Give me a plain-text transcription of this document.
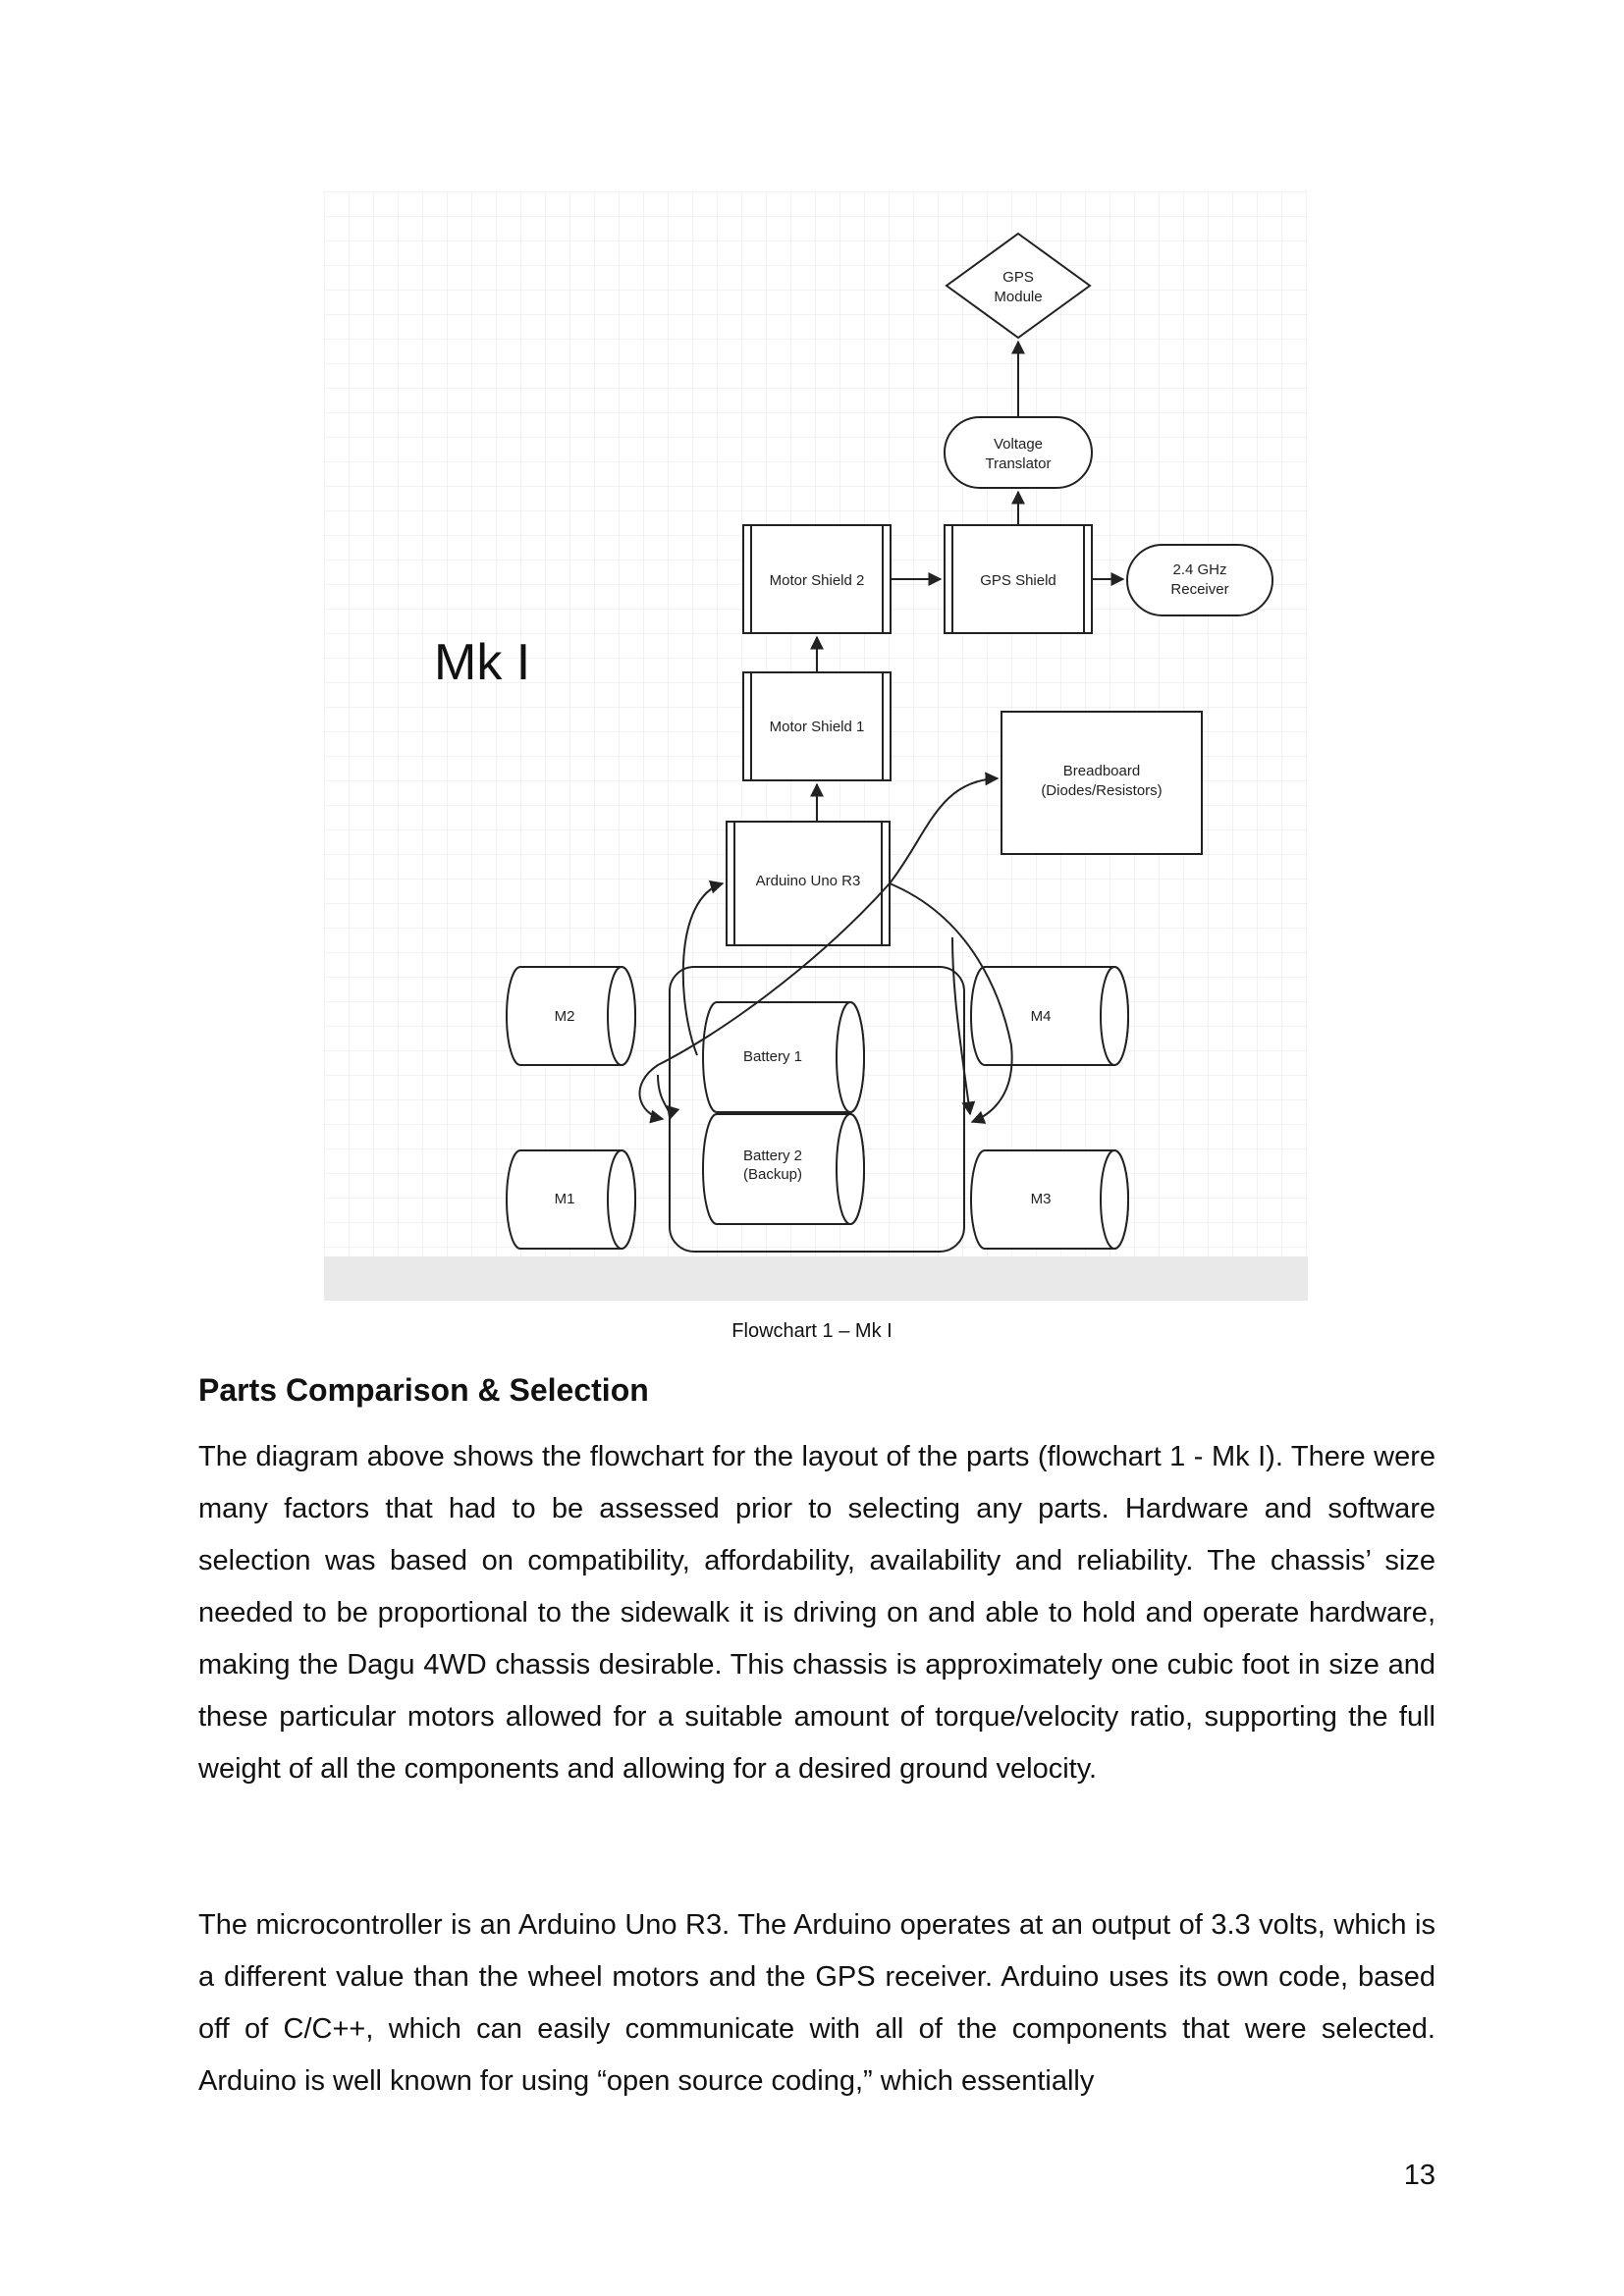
Mk I
GPS
Module
Voltage
Translator
Motor Shield 2	GPS Shield
2.4 GHz
Receiver
Motor Shield 1
Breadboard
(Diodes/Resistors)
Arduino Uno R3
M2
M1
M4
M3
Battery 1
Battery 2
(Backup)
Flowchart 1 – Mk I
Parts Comparison & Selection

The diagram above shows the flowchart for the layout of the parts (flowchart 1 - Mk I). There were many factors that had to be assessed prior to selecting any parts. Hardware and software selection was based on compatibility, affordability, availability and reliability. The chassis’ size needed to be proportional to the sidewalk it is driving on and able to hold and operate hardware, making the Dagu 4WD chassis desirable. This chassis is approximately one cubic foot in size and these particular motors allowed for a suitable amount of torque/velocity ratio, supporting the full weight of all the components and allowing for a desired ground velocity.

The microcontroller is an Arduino Uno R3. The Arduino operates at an output of 3.3 volts, which is a different value than the wheel motors and the GPS receiver. Arduino uses its own code, based off of C/C++, which can easily communicate with all of the components that were selected. Arduino is well known for using “open source coding,” which essentially

13
